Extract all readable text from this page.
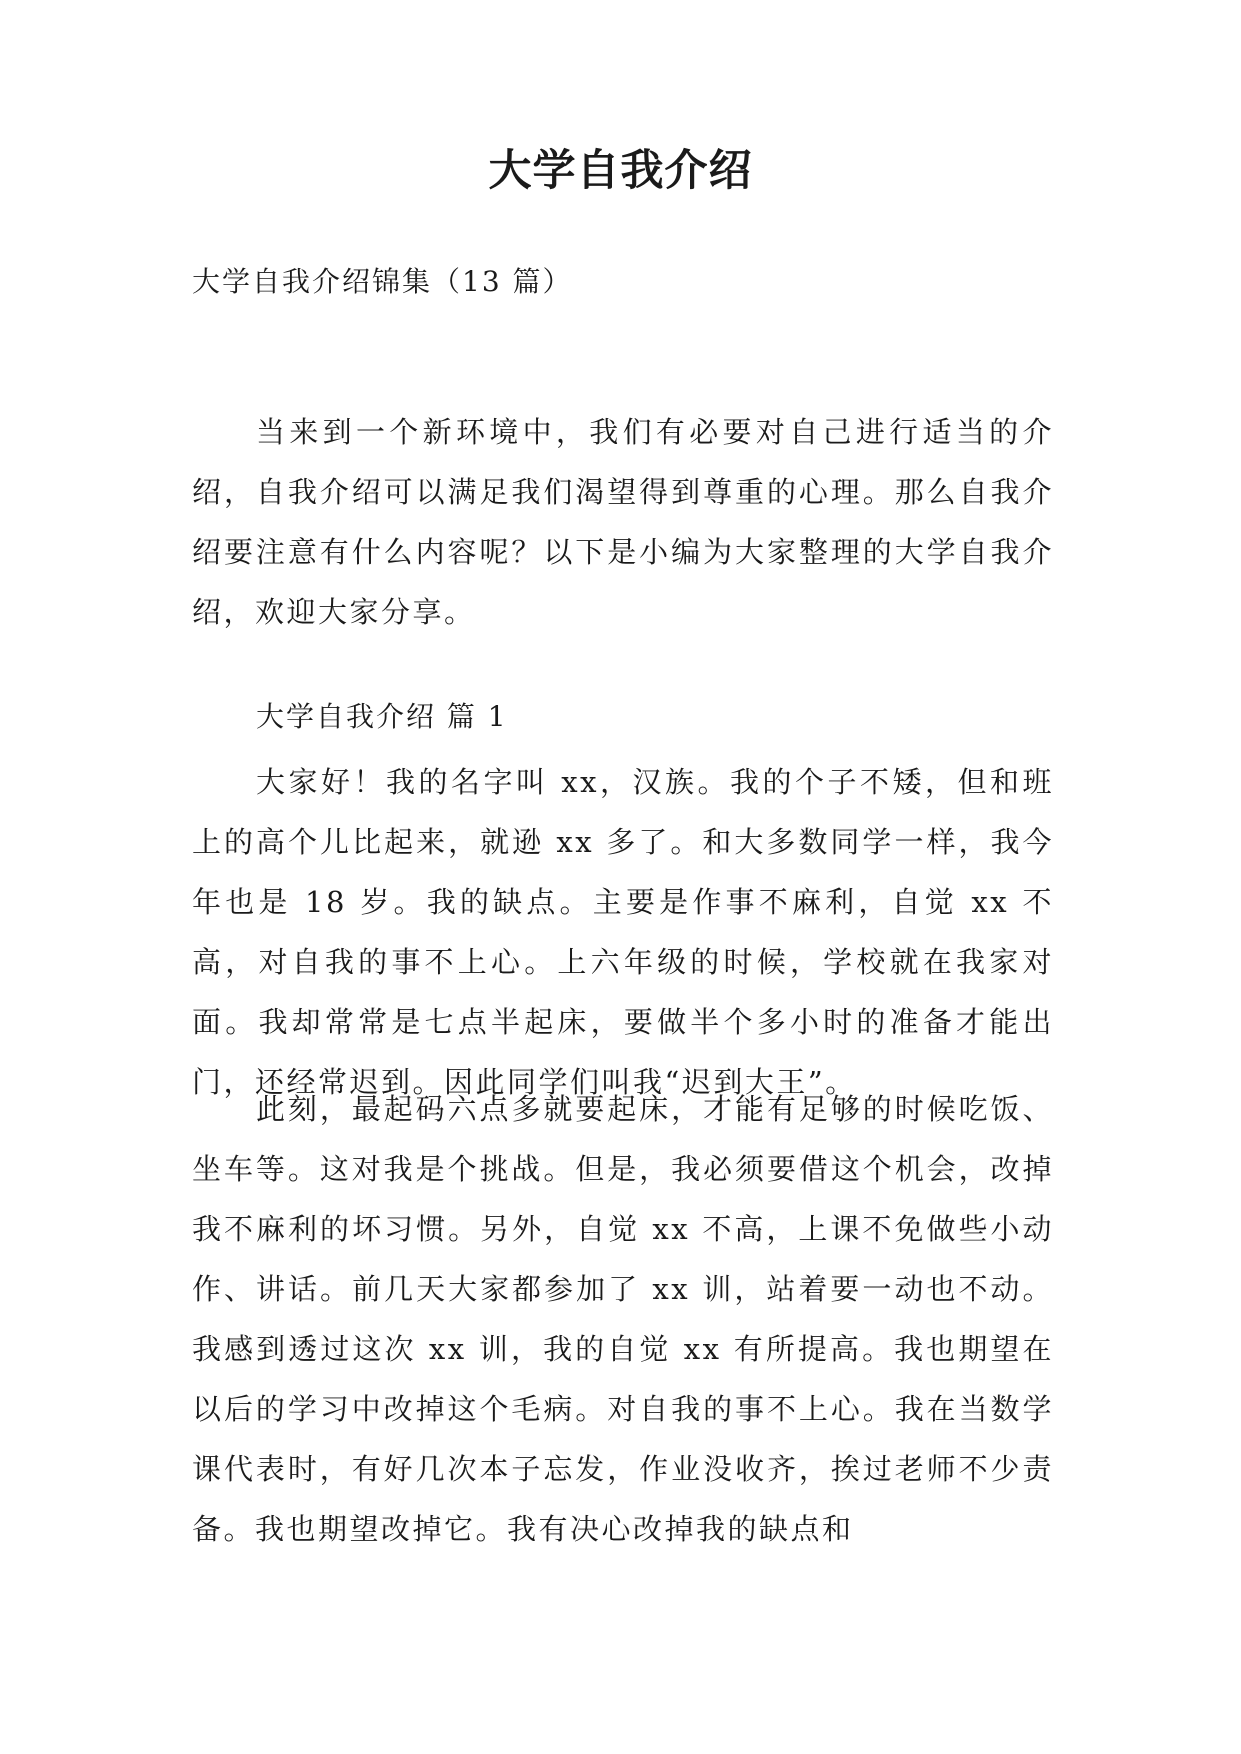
大学自我介绍
大学自我介绍锦集（13 篇）

当来到一个新环境中，我们有必要对自己进行适当的介绍，自我介绍可以满足我们渴望得到尊重的心理。那么自我介绍要注意有什么内容呢？以下是小编为大家整理的大学自我介绍，欢迎大家分享。

大学自我介绍 篇 1

大家好！我的名字叫 xx，汉族。我的个子不矮，但和班上的高个儿比起来，就逊 xx 多了。和大多数同学一样，我今年也是 18 岁。我的缺点。主要是作事不麻利，自觉 xx 不高，对自我的事不上心。上六年级的时候，学校就在我家对面。我却常常是七点半起床，要做半个多小时的准备才能出门，还经常迟到。因此同学们叫我“迟到大王”。

此刻，最起码六点多就要起床，才能有足够的时候吃饭、坐车等。这对我是个挑战。但是，我必须要借这个机会，改掉我不麻利的坏习惯。另外，自觉 xx 不高，上课不免做些小动作、讲话。前几天大家都参加了 xx 训，站着要一动也不动。我感到透过这次 xx 训，我的自觉 xx 有所提高。我也期望在以后的学习中改掉这个毛病。对自我的事不上心。我在当数学课代表时，有好几次本子忘发，作业没收齐，挨过老师不少责备。我也期望改掉它。我有决心改掉我的缺点和
